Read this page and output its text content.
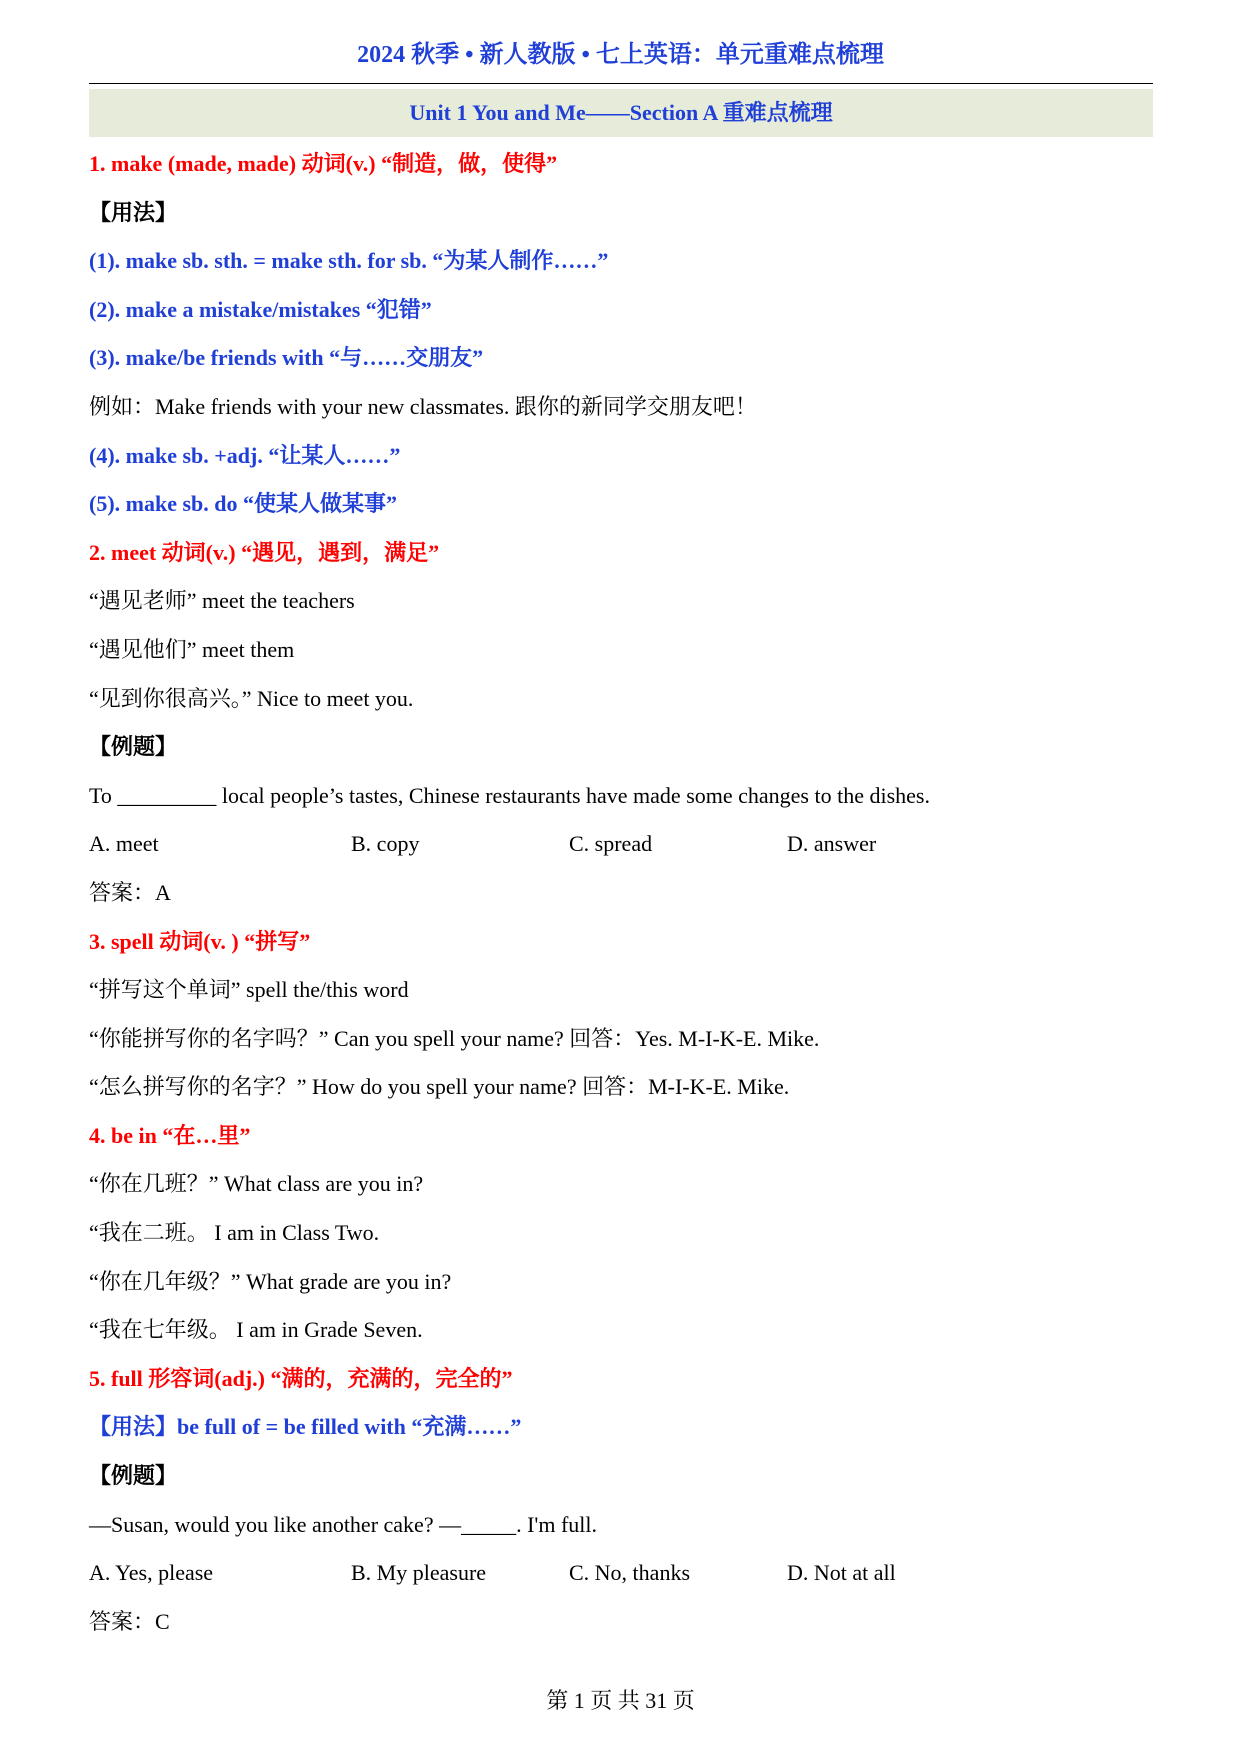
2024 秋季 • 新人教版 • 七上英语：单元重难点梳理
Unit 1 You and Me——Section A 重难点梳理
1. make (made, made) 动词(v.) “制造，做，使得”
【用法】
(1). make sb. sth. = make sth. for sb. “为某人制作……”
(2). make a mistake/mistakes “犯错”
(3). make/be friends with “与……交朋友”
例如：Make friends with your new classmates. 跟你的新同学交朋友吧！
(4). make sb. +adj. “让某人……”
(5). make sb. do “使某人做某事”
2. meet 动词(v.) “遇见，遇到，满足”
“遇见老师” meet the teachers
“遇见他们” meet them
“见到你很高兴。” Nice to meet you.
【例题】
To _________ local people’s tastes, Chinese restaurants have made some changes to the dishes.
A. meet	B. copy	C. spread	D. answer
答案：A
3. spell 动词(v. ) “拼写”
“拼写这个单词” spell the/this word
“你能拼写你的名字吗？” Can you spell your name? 回答：Yes. M-I-K-E. Mike.
“怎么拼写你的名字？” How do you spell your name? 回答：M-I-K-E. Mike.
4. be in “在…里”
“你在几班？” What class are you in?
“我在二班。 I am in Class Two.
“你在几年级？” What grade are you in?
“我在七年级。 I am in Grade Seven.
5. full 形容词(adj.) “满的，充满的，完全的”
【用法】be full of = be filled with “充满……”
【例题】
—Susan, would you like another cake? —_____. I'm full.
A. Yes, please	B. My pleasure	C. No, thanks	D. Not at all
答案：C
第 1 页 共 31 页
